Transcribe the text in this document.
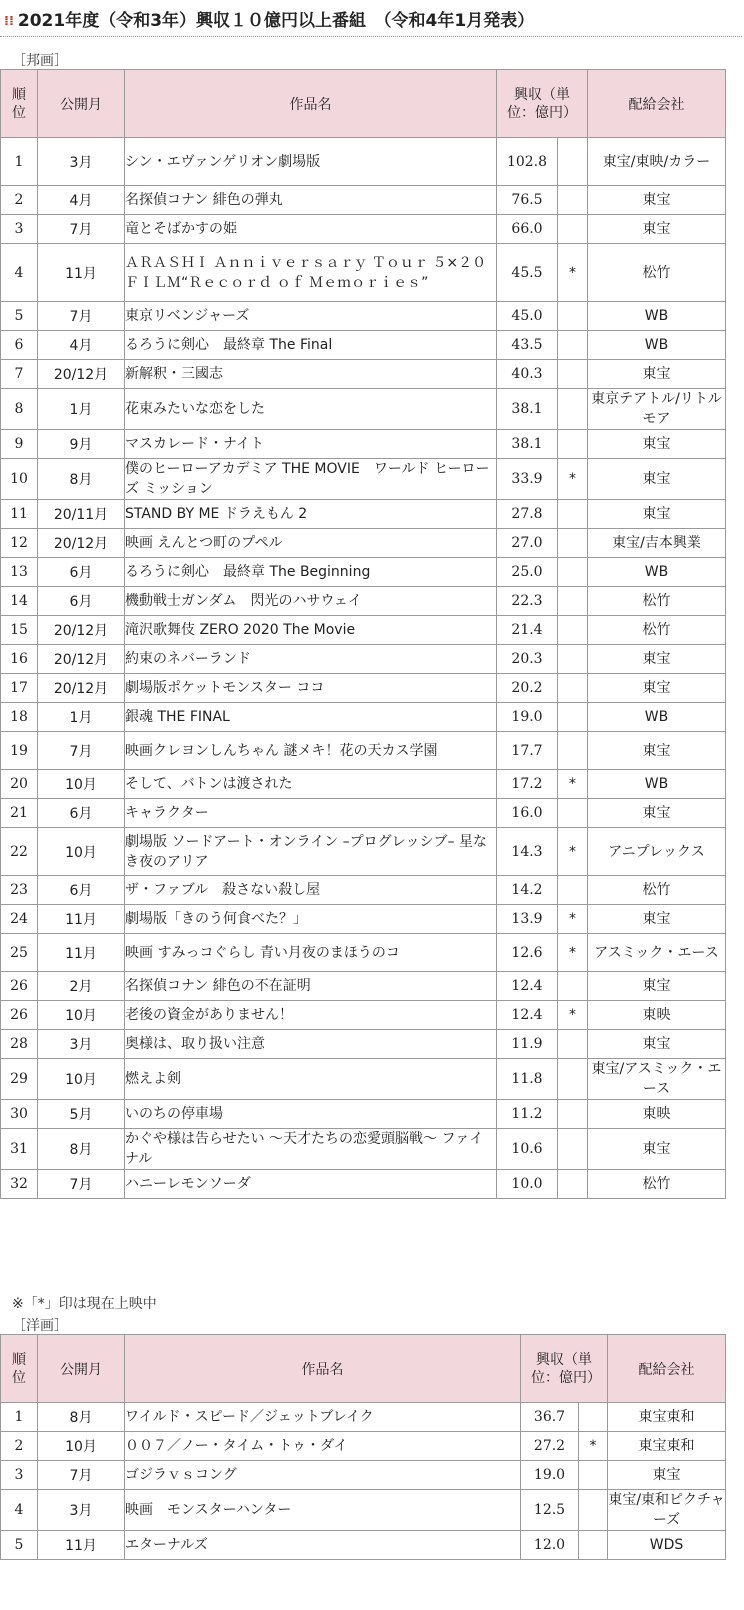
⁞⁞ 2021年度（令和3年）興収１０億円以上番組　（令和4年1月発表）
［邦画］
順位	公開月	作品名	興収（単位：億円）		配給会社
1	3月	シン・エヴァンゲリオン劇場版	102.8		東宝/東映/カラー
2	4月	名探偵コナン 緋色の弾丸	76.5		東宝
3	7月	竜とそばかすの姫	66.0		東宝
4	11月	ＡＲＡＳＨＩ Ａｎｎｉｖｅｒｓａｒｙ Ｔｏｕｒ ５×２０ ＦＩＬＭ“Ｒｅｃｏｒｄ ｏｆ Ｍｅｍｏｒｉｅｓ”	45.5	*	松竹
5	7月	東京リベンジャーズ	45.0		WB
6	4月	るろうに剣心　最終章 The Final	43.5		WB
7	20/12月	新解釈・三國志	40.3		東宝
8	1月	花束みたいな恋をした	38.1		東京テアトル/リトルモア
9	9月	マスカレード・ナイト	38.1		東宝
10	8月	僕のヒーローアカデミア THE MOVIE　ワールド ヒーローズ ミッション	33.9	*	東宝
11	20/11月	STAND BY ME ドラえもん 2	27.8		東宝
12	20/12月	映画 えんとつ町のプペル	27.0		東宝/吉本興業
13	6月	るろうに剣心　最終章 The Beginning	25.0		WB
14	6月	機動戦士ガンダム　閃光のハサウェイ	22.3		松竹
15	20/12月	滝沢歌舞伎 ZERO 2020 The Movie	21.4		松竹
16	20/12月	約束のネバーランド	20.3		東宝
17	20/12月	劇場版ポケットモンスター ココ	20.2		東宝
18	1月	銀魂 THE FINAL	19.0		WB
19	7月	映画クレヨンしんちゃん 謎メキ！花の天カス学園	17.7		東宝
20	10月	そして、バトンは渡された	17.2	*	WB
21	6月	キャラクター	16.0		東宝
22	10月	劇場版 ソードアート・オンライン –プログレッシブ– 星なき夜のアリア	14.3	*	アニプレックス
23	6月	ザ・ファブル　殺さない殺し屋	14.2		松竹
24	11月	劇場版「きのう何食べた？」	13.9	*	東宝
25	11月	映画 すみっコぐらし 青い月夜のまほうのコ	12.6	*	アスミック・エース
26	2月	名探偵コナン 緋色の不在証明	12.4		東宝
26	10月	老後の資金がありません！	12.4	*	東映
28	3月	奥様は、取り扱い注意	11.9		東宝
29	10月	燃えよ剣	11.8		東宝/アスミック・エース
30	5月	いのちの停車場	11.2		東映
31	8月	かぐや様は告らせたい ～天才たちの恋愛頭脳戦～ ファイナル	10.6		東宝
32	7月	ハニーレモンソーダ	10.0		松竹
※「*」印は現在上映中
［洋画］
順位	公開月	作品名	興収（単位：億円）		配給会社
1	8月	ワイルド・スピード／ジェットブレイク	36.7		東宝東和
2	10月	００７／ノー・タイム・トゥ・ダイ	27.2	*	東宝東和
3	7月	ゴジラｖｓコング	19.0		東宝
4	3月	映画　モンスターハンター	12.5		東宝/東和ピクチャーズ
5	11月	エターナルズ	12.0		WDS
